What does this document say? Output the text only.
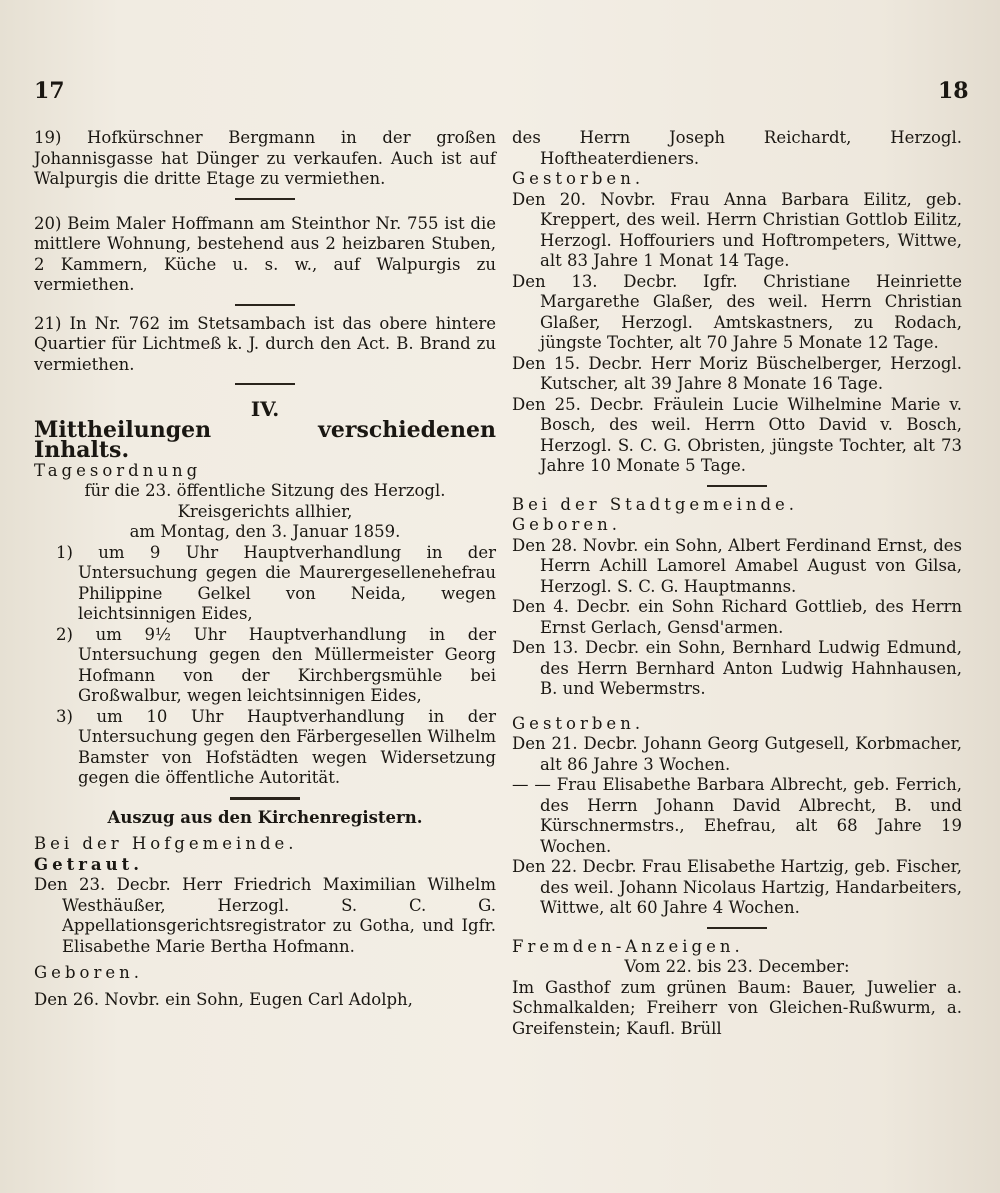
17	18

19) Hofkürschner Bergmann in der großen Johannisgasse hat Dünger zu verkaufen. Auch ist auf Walpurgis die dritte Etage zu vermiethen.

20) Beim Maler Hoffmann am Steinthor Nr. 755 ist die mittlere Wohnung, bestehend aus 2 heizbaren Stuben, 2 Kammern, Küche u. s. w., auf Walpurgis zu vermiethen.

21) In Nr. 762 im Stetsambach ist das obere hintere Quartier für Lichtmeß k. J. durch den Act. B. Brand zu vermiethen.

IV.

Mittheilungen verschiedenen Inhalts.

Tagesordnung

für die 23. öffentliche Sitzung des Herzogl. Kreisgerichts allhier,

am Montag, den 3. Januar 1859.

1) um 9 Uhr Hauptverhandlung in der Untersuchung gegen die Maurergesellenehefrau Philippine Gelkel von Neida, wegen leichtsinnigen Eides,

2) um 9½ Uhr Hauptverhandlung in der Untersuchung gegen den Müllermeister Georg Hofmann von der Kirchbergsmühle bei Großwalbur, wegen leichtsinnigen Eides,

3) um 10 Uhr Hauptverhandlung in der Untersuchung gegen den Färbergesellen Wilhelm Bamster von Hofstädten wegen Widersetzung gegen die öffentliche Autorität.

Auszug aus den Kirchenregistern.

Bei der Hofgemeinde.

Getraut.

Den 23. Decbr. Herr Friedrich Maximilian Wilhelm Westhäußer, Herzogl. S. C. G. Appellationsgerichtsregistrator zu Gotha, und Igfr. Elisabethe Marie Bertha Hofmann.

Geboren.

Den 26. Novbr. ein Sohn, Eugen Carl Adolph,

des Herrn Joseph Reichardt, Herzogl. Hoftheaterdieners.

Gestorben.

Den 20. Novbr. Frau Anna Barbara Eilitz, geb. Kreppert, des weil. Herrn Christian Gottlob Eilitz, Herzogl. Hoffouriers und Hoftrompeters, Wittwe, alt 83 Jahre 1 Monat 14 Tage.

Den 13. Decbr. Igfr. Christiane Heinriette Margarethe Glaßer, des weil. Herrn Christian Glaßer, Herzogl. Amtskastners, zu Rodach, jüngste Tochter, alt 70 Jahre 5 Monate 12 Tage.

Den 15. Decbr. Herr Moriz Büschelberger, Herzogl. Kutscher, alt 39 Jahre 8 Monate 16 Tage.

Den 25. Decbr. Fräulein Lucie Wilhelmine Marie v. Bosch, des weil. Herrn Otto David v. Bosch, Herzogl. S. C. G. Obristen, jüngste Tochter, alt 73 Jahre 10 Monate 5 Tage.

Bei der Stadtgemeinde.

Geboren.

Den 28. Novbr. ein Sohn, Albert Ferdinand Ernst, des Herrn Achill Lamorel Amabel August von Gilsa, Herzogl. S. C. G. Hauptmanns.

Den 4. Decbr. ein Sohn Richard Gottlieb, des Herrn Ernst Gerlach, Gensd'armen.

Den 13. Decbr. ein Sohn, Bernhard Ludwig Edmund, des Herrn Bernhard Anton Ludwig Hahnhausen, B. und Webermstrs.

Gestorben.

Den 21. Decbr. Johann Georg Gutgesell, Korbmacher, alt 86 Jahre 3 Wochen.

— — Frau Elisabethe Barbara Albrecht, geb. Ferrich, des Herrn Johann David Albrecht, B. und Kürschnermstrs., Ehefrau, alt 68 Jahre 19 Wochen.

Den 22. Decbr. Frau Elisabethe Hartzig, geb. Fischer, des weil. Johann Nicolaus Hartzig, Handarbeiters, Wittwe, alt 60 Jahre 4 Wochen.

Fremden-Anzeigen.

Vom 22. bis 23. December:

Im Gasthof zum grünen Baum: Bauer, Juwelier a. Schmalkalden; Freiherr von Gleichen-Rußwurm, a. Greifenstein; Kaufl. Brüll
